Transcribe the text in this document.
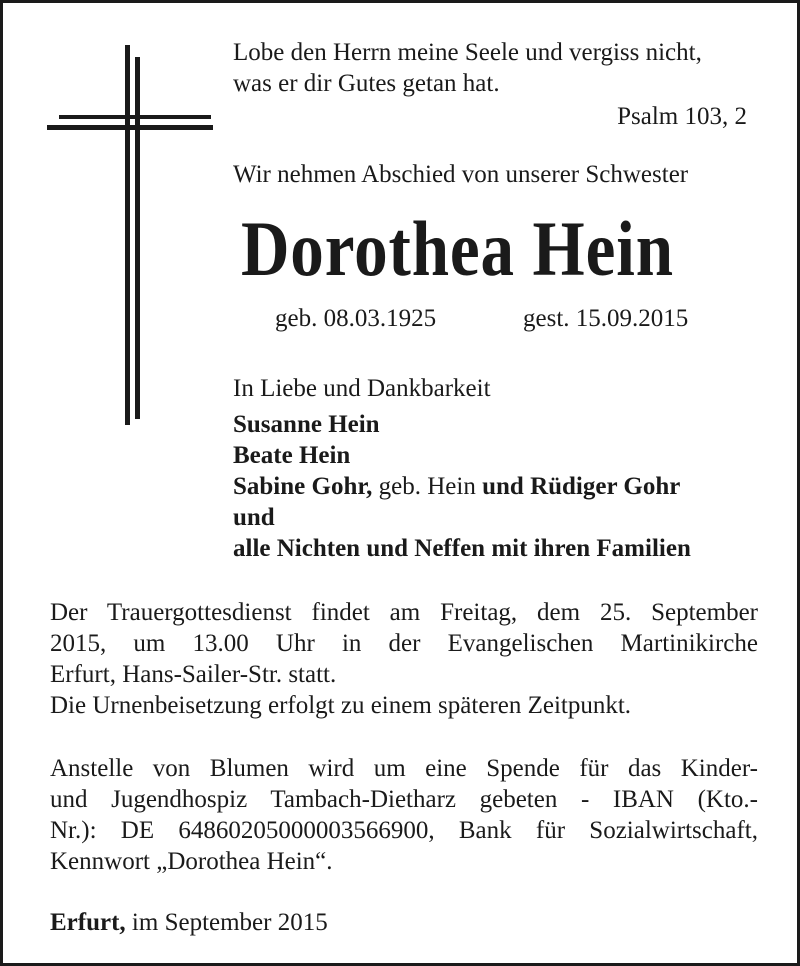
Lobe den Herrn meine Seele und vergiss nicht,
was er dir Gutes getan hat.
Psalm 103, 2
Wir nehmen Abschied von unserer Schwester
Dorothea Hein
geb. 08.03.1925	gest. 15.09.2015
In Liebe und Dankbarkeit
Susanne Hein
Beate Hein
Sabine Gohr, geb. Hein und Rüdiger Gohr
und
alle Nichten und Neffen mit ihren Familien
Der Trauergottesdienst findet am Freitag, dem 25. September
2015, um 13.00 Uhr in der Evangelischen Martinikirche
Erfurt, Hans-Sailer-Str. statt.
Die Urnenbeisetzung erfolgt zu einem späteren Zeitpunkt.
Anstelle von Blumen wird um eine Spende für das Kinder-
und Jugendhospiz Tambach-Dietharz gebeten - IBAN (Kto.-
Nr.): DE 64860205000003566900, Bank für Sozialwirtschaft,
Kennwort „Dorothea Hein“.
Erfurt, im September 2015
